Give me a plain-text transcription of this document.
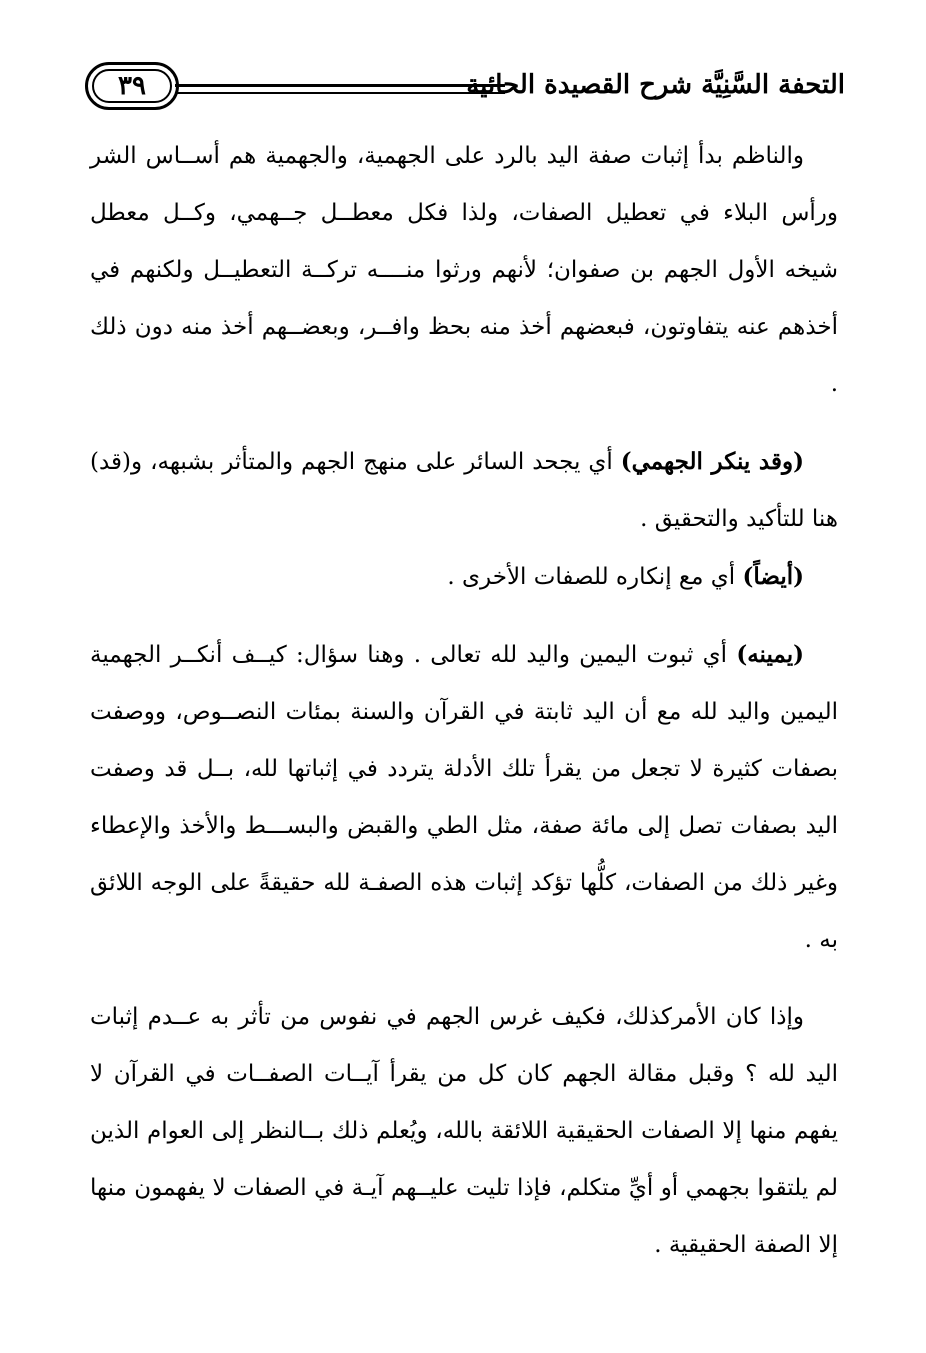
التحفة السَّنِيَّة شرح القصيدة الحائية
٣٩

والناظم بدأ إثبات صفة اليد بالرد على الجهمية، والجهمية هم أســاس الشر ورأس البلاء في تعطيل الصفات، ولذا فكل معطــل جــهمي، وكــل معطل شيخه الأول الجهم بن صفوان؛ لأنهم ورثوا منــــه تركــة التعطيــل ولكنهم في أخذهم عنه يتفاوتون، فبعضهم أخذ منه بحظ وافــر، وبعضــهم أخذ منه دون ذلك .

(وقد ينكر الجهمي) أي يجحد السائر على منهج الجهم والمتأثر بشبهه، و(قد) هنا للتأكيد والتحقيق .

(أيضاً) أي مع إنكاره للصفات الأخرى .

(يمينه) أي ثبوت اليمين واليد لله تعالى . وهنا سؤال: كيــف أنكــر الجهمية اليمين واليد لله مع أن اليد ثابتة في القرآن والسنة بمئات النصــوص، ووصفت بصفات كثيرة لا تجعل من يقرأ تلك الأدلة يتردد في إثباتها لله، بــل قد وصفت اليد بصفات تصل إلى مائة صفة، مثل الطي والقبض والبســـط والأخذ والإعطاء وغير ذلك من الصفات، كلُّها تؤكد إثبات هذه الصفـة لله حقيقةً على الوجه اللائق به .

وإذا كان الأمركذلك، فكيف غرس الجهم في نفوس من تأثر به عــدم إثبات اليد لله ؟ وقبل مقالة الجهم كان كل من يقرأ آيــات الصفــات في القرآن لا يفهم منها إلا الصفات الحقيقية اللائقة بالله، ويُعلم ذلك بــالنظر إلى العوام الذين لم يلتقوا بجهمي أو أيِّ متكلم، فإذا تليت عليــهم آيـة في الصفات لا يفهمون منها إلا الصفة الحقيقية .
